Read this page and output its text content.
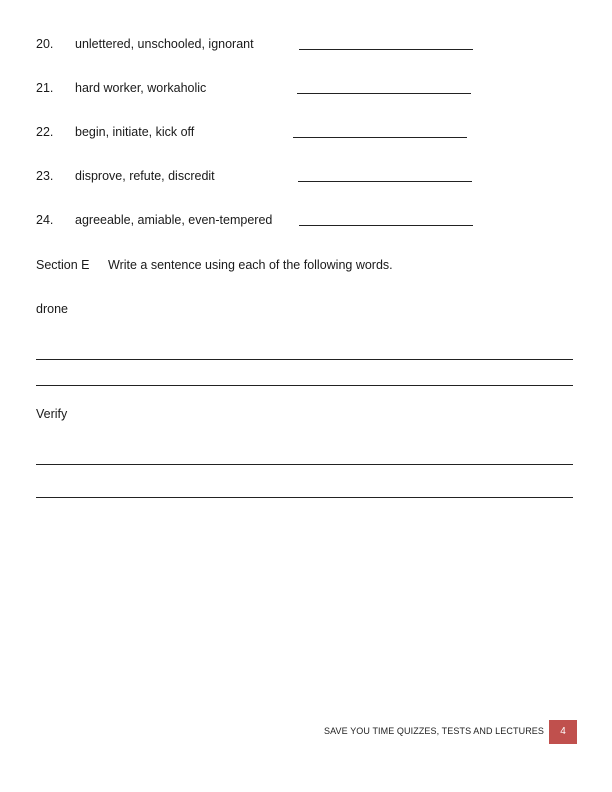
20. unlettered, unschooled, ignorant
21. hard worker, workaholic
22. begin, initiate, kick off
23. disprove, refute, discredit
24. agreeable, amiable, even-tempered
Section E Write a sentence using each of the following words.
drone
Verify
SAVE YOU TIME QUIZZES, TESTS AND LECTURES	4
